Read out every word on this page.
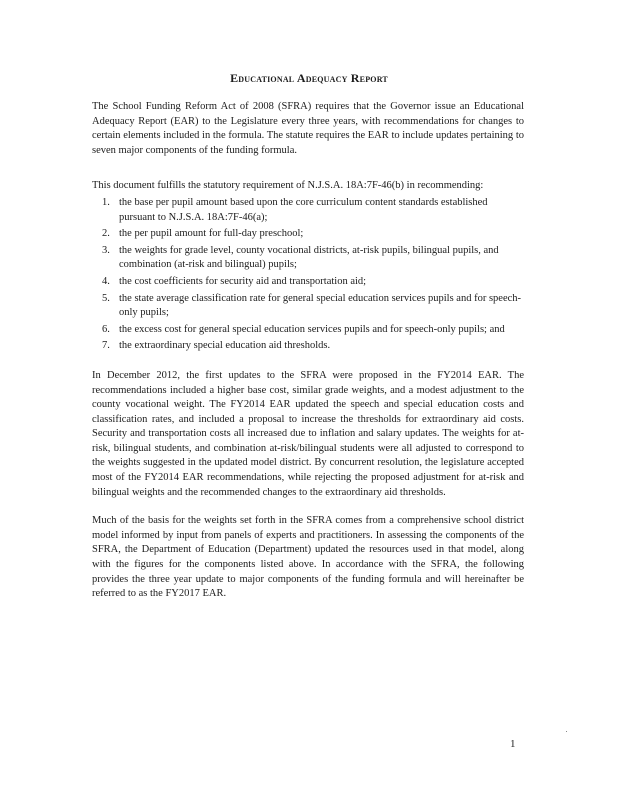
Educational Adequacy Report

The School Funding Reform Act of 2008 (SFRA) requires that the Governor issue an Educational Adequacy Report (EAR) to the Legislature every three years, with recommendations for changes to certain elements included in the formula. The statute requires the EAR to include updates pertaining to seven major components of the funding formula.

This document fulfills the statutory requirement of N.J.S.A. 18A:7F-46(b) in recommending:

1. the base per pupil amount based upon the core curriculum content standards established pursuant to N.J.S.A. 18A:7F-46(a);
2. the per pupil amount for full-day preschool;
3. the weights for grade level, county vocational districts, at-risk pupils, bilingual pupils, and combination (at-risk and bilingual) pupils;
4. the cost coefficients for security aid and transportation aid;
5. the state average classification rate for general special education services pupils and for speech-only pupils;
6. the excess cost for general special education services pupils and for speech-only pupils; and
7. the extraordinary special education aid thresholds.

In December 2012, the first updates to the SFRA were proposed in the FY2014 EAR. The recommendations included a higher base cost, similar grade weights, and a modest adjustment to the county vocational weight. The FY2014 EAR updated the speech and special education costs and classification rates, and included a proposal to increase the thresholds for extraordinary aid costs. Security and transportation costs all increased due to inflation and salary updates. The weights for at-risk, bilingual students, and combination at-risk/bilingual students were all adjusted to correspond to the weights suggested in the updated model district. By concurrent resolution, the legislature accepted most of the FY2014 EAR recommendations, while rejecting the proposed adjustment for at-risk and bilingual weights and the recommended changes to the extraordinary aid thresholds.

Much of the basis for the weights set forth in the SFRA comes from a comprehensive school district model informed by input from panels of experts and practitioners. In assessing the components of the SFRA, the Department of Education (Department) updated the resources used in that model, along with the figures for the components listed above. In accordance with the SFRA, the following provides the three year update to major components of the funding formula and will hereinafter be referred to as the FY2017 EAR.

1
